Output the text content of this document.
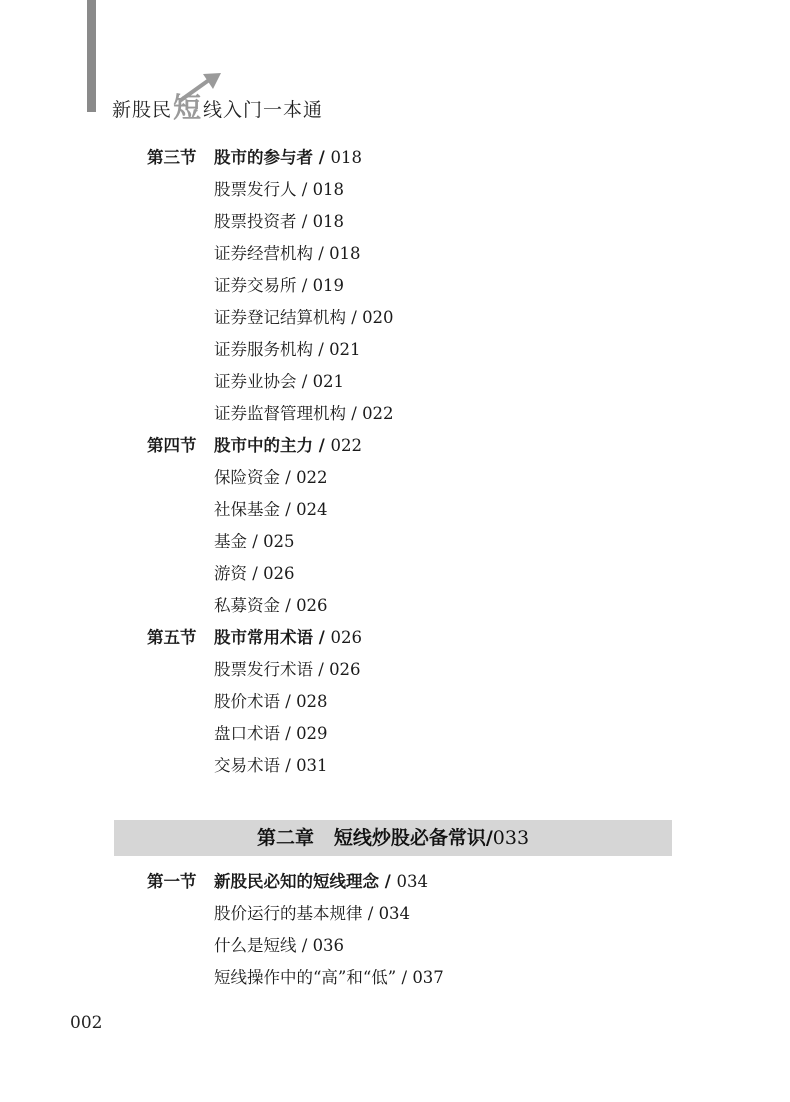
新股民 短 线入门一本通
第三节 股市的参与者 / 018
股票发行人 / 018
股票投资者 / 018
证券经营机构 / 018
证券交易所 / 019
证券登记结算机构 / 020
证券服务机构 / 021
证券业协会 / 021
证券监督管理机构 / 022
第四节 股市中的主力 / 022
保险资金 / 022
社保基金 / 024
基金 / 025
游资 / 026
私募资金 / 026
第五节 股市常用术语 / 026
股票发行术语 / 026
股价术语 / 028
盘口术语 / 029
交易术语 / 031
第二章 短线炒股必备常识/033
第一节 新股民必知的短线理念 / 034
股价运行的基本规律 / 034
什么是短线 / 036
短线操作中的“高”和“低” / 037
002
